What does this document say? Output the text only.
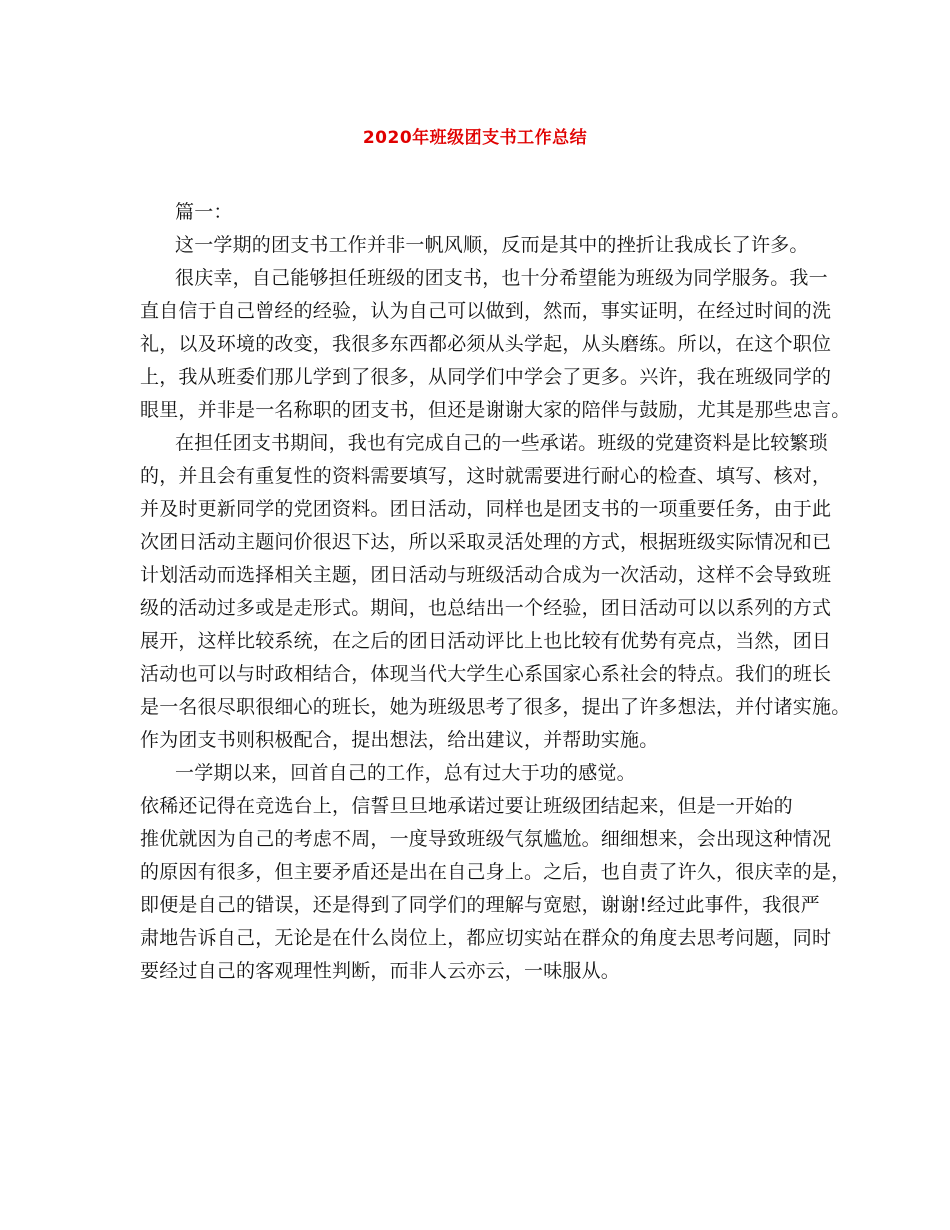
2020年班级团支书工作总结
篇一：
这一学期的团支书工作并非一帆风顺，反而是其中的挫折让我成长了许多。
很庆幸，自己能够担任班级的团支书，也十分希望能为班级为同学服务。我一
直自信于自己曾经的经验，认为自己可以做到，然而，事实证明，在经过时间的洗
礼，以及环境的改变，我很多东西都必须从头学起，从头磨练。所以，在这个职位
上，我从班委们那儿学到了很多，从同学们中学会了更多。兴许，我在班级同学的
眼里，并非是一名称职的团支书，但还是谢谢大家的陪伴与鼓励，尤其是那些忠言。
在担任团支书期间，我也有完成自己的一些承诺。班级的党建资料是比较繁琐
的，并且会有重复性的资料需要填写，这时就需要进行耐心的检查、填写、核对，
并及时更新同学的党团资料。团日活动，同样也是团支书的一项重要任务，由于此
次团日活动主题问价很迟下达，所以采取灵活处理的方式，根据班级实际情况和已
计划活动而选择相关主题，团日活动与班级活动合成为一次活动，这样不会导致班
级的活动过多或是走形式。期间，也总结出一个经验，团日活动可以以系列的方式
展开，这样比较系统，在之后的团日活动评比上也比较有优势有亮点，当然，团日
活动也可以与时政相结合，体现当代大学生心系国家心系社会的特点。我们的班长
是一名很尽职很细心的班长，她为班级思考了很多，提出了许多想法，并付诸实施。
作为团支书则积极配合，提出想法，给出建议，并帮助实施。
一学期以来，回首自己的工作，总有过大于功的感觉。
依稀还记得在竞选台上，信誓旦旦地承诺过要让班级团结起来，但是一开始的
推优就因为自己的考虑不周，一度导致班级气氛尴尬。细细想来，会出现这种情况
的原因有很多，但主要矛盾还是出在自己身上。之后，也自责了许久，很庆幸的是，
即便是自己的错误，还是得到了同学们的理解与宽慰，谢谢!经过此事件，我很严
肃地告诉自己，无论是在什么岗位上，都应切实站在群众的角度去思考问题，同时
要经过自己的客观理性判断，而非人云亦云，一味服从。
